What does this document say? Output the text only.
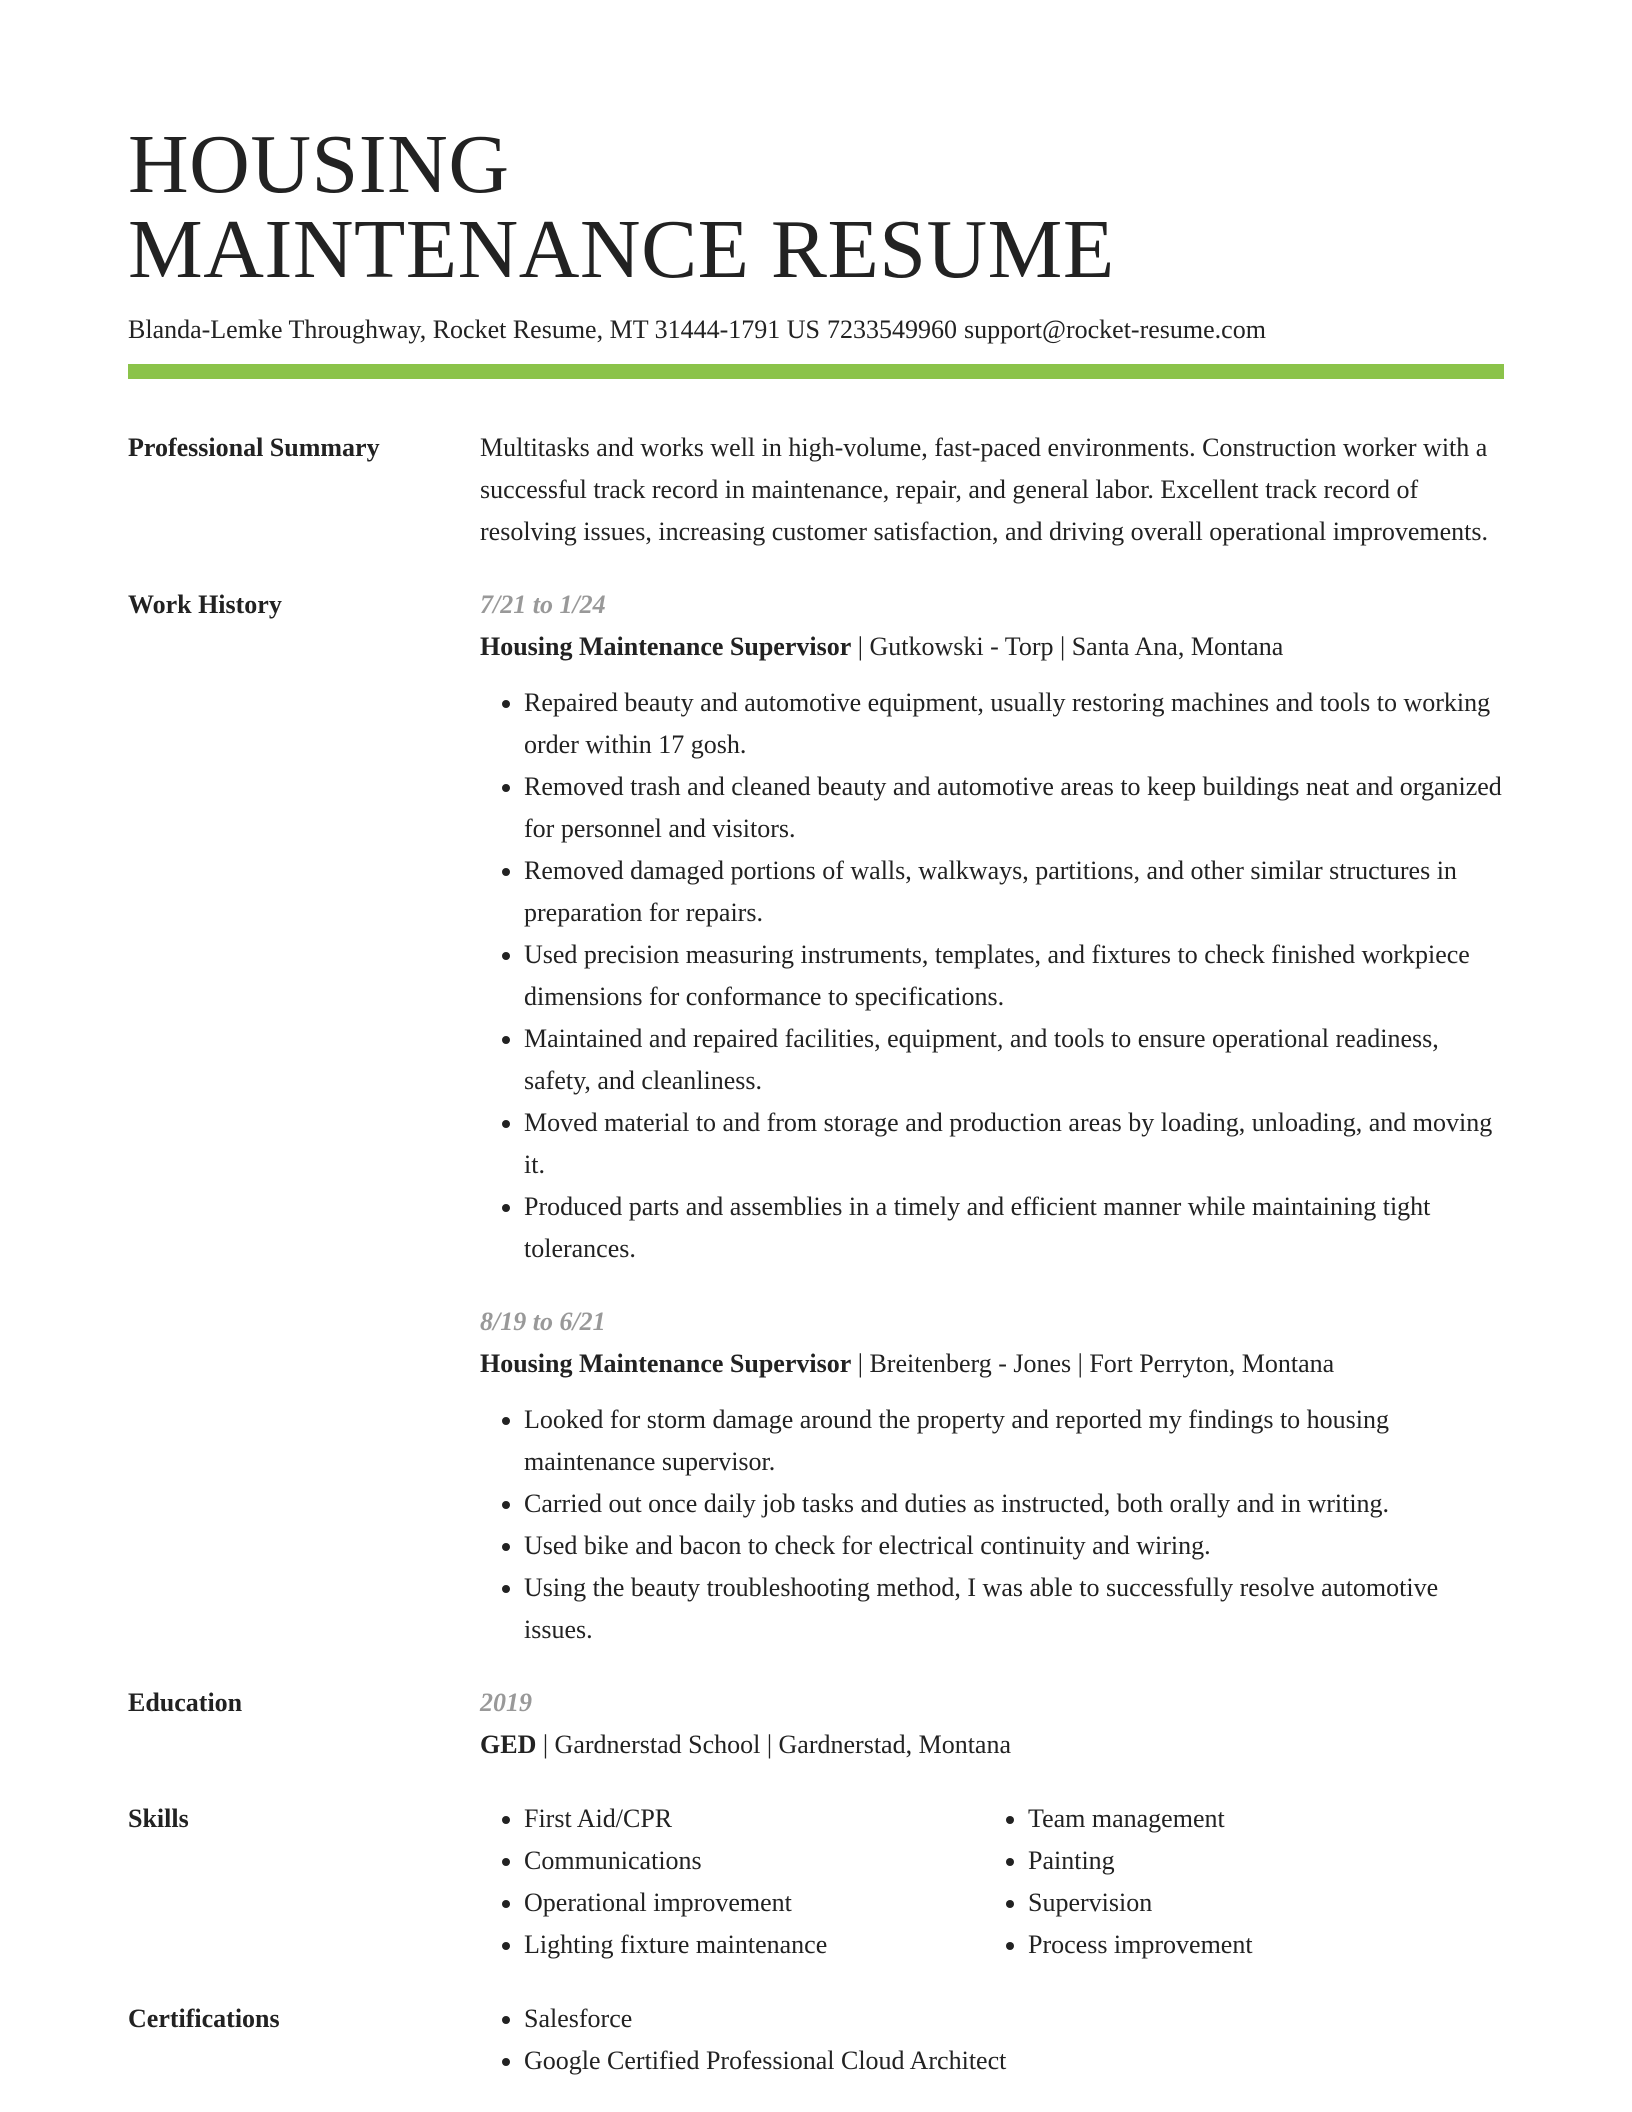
HOUSING
MAINTENANCE RESUME
Blanda-Lemke Throughway, Rocket Resume, MT 31444-1791 US 7233549960 support@rocket-resume.com
Professional Summary	Multitasks and works well in high-volume, fast-paced environments. Construction worker with a successful track record in maintenance, repair, and general labor. Excellent track record of resolving issues, increasing customer satisfaction, and driving overall operational improvements.
Work History	7/21 to 1/24
Housing Maintenance Supervisor | Gutkowski - Torp | Santa Ana, Montana
• Repaired beauty and automotive equipment, usually restoring machines and tools to working order within 17 gosh.
• Removed trash and cleaned beauty and automotive areas to keep buildings neat and organized for personnel and visitors.
• Removed damaged portions of walls, walkways, partitions, and other similar structures in preparation for repairs.
• Used precision measuring instruments, templates, and fixtures to check finished workpiece dimensions for conformance to specifications.
• Maintained and repaired facilities, equipment, and tools to ensure operational readiness, safety, and cleanliness.
• Moved material to and from storage and production areas by loading, unloading, and moving it.
• Produced parts and assemblies in a timely and efficient manner while maintaining tight tolerances.
8/19 to 6/21
Housing Maintenance Supervisor | Breitenberg - Jones | Fort Perryton, Montana
• Looked for storm damage around the property and reported my findings to housing maintenance supervisor.
• Carried out once daily job tasks and duties as instructed, both orally and in writing.
• Used bike and bacon to check for electrical continuity and wiring.
• Using the beauty troubleshooting method, I was able to successfully resolve automotive issues.
Education	2019
GED | Gardnerstad School | Gardnerstad, Montana
Skills	• First Aid/CPR
• Communications
• Operational improvement
• Lighting fixture maintenance
• Team management
• Painting
• Supervision
• Process improvement
Certifications	• Salesforce
• Google Certified Professional Cloud Architect
